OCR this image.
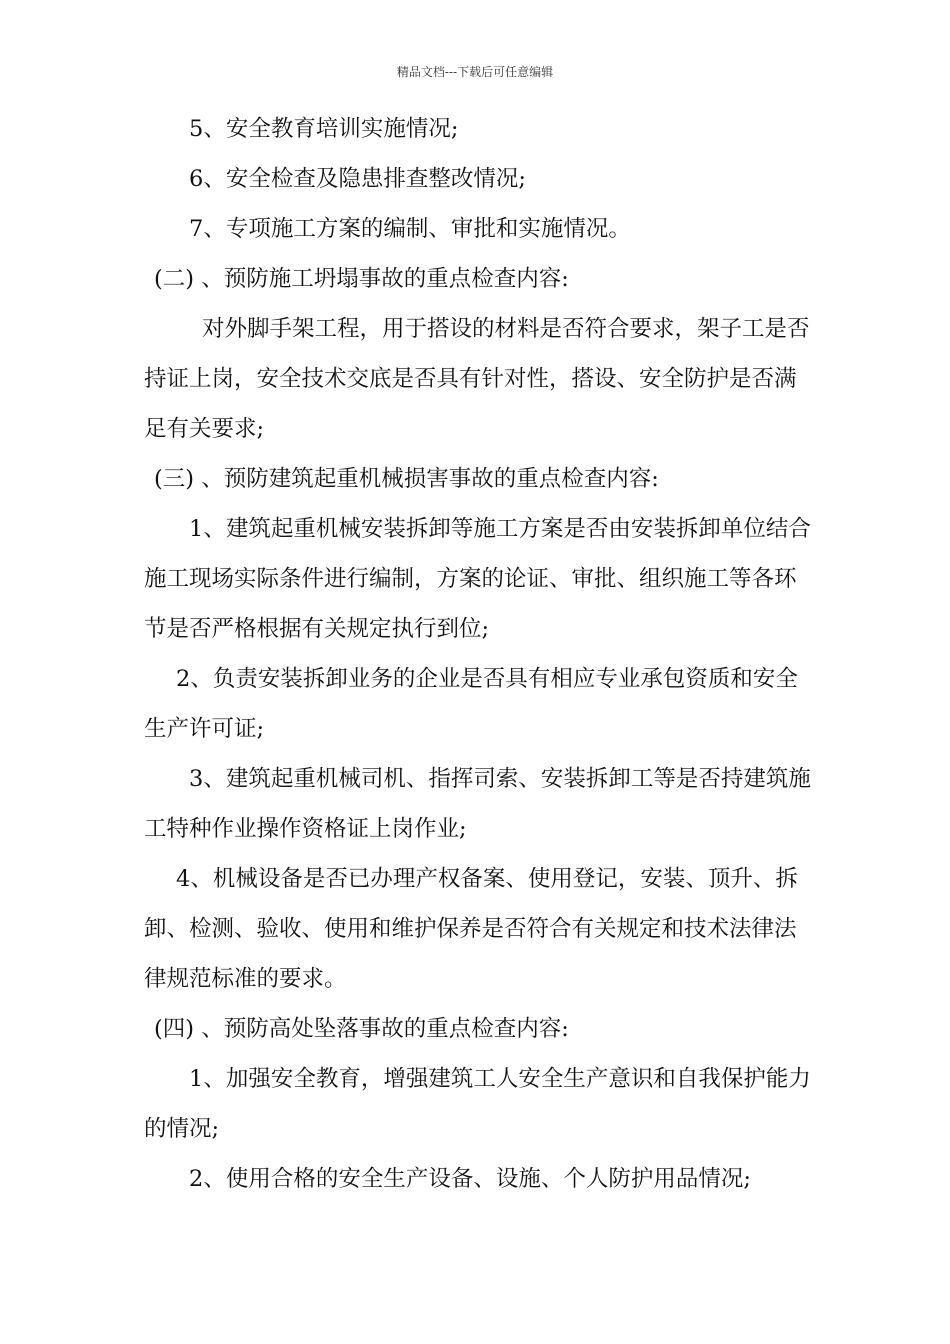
精品文档---下载后可任意编辑
5、安全教育培训实施情况;
6、安全检查及隐患排查整改情况;
7、专项施工方案的编制、审批和实施情况。
(二) 、预防施工坍塌事故的重点检查内容:
对外脚手架工程，用于搭设的材料是否符合要求，架子工是否
持证上岗，安全技术交底是否具有针对性，搭设、安全防护是否满
足有关要求;
(三) 、预防建筑起重机械损害事故的重点检查内容:
1、建筑起重机械安装拆卸等施工方案是否由安装拆卸单位结合
施工现场实际条件进行编制，方案的论证、审批、组织施工等各环
节是否严格根据有关规定执行到位;
2、负责安装拆卸业务的企业是否具有相应专业承包资质和安全
生产许可证;
3、建筑起重机械司机、指挥司索、安装拆卸工等是否持建筑施
工特种作业操作资格证上岗作业;
4、机械设备是否已办理产权备案、使用登记，安装、顶升、拆
卸、检测、验收、使用和维护保养是否符合有关规定和技术法律法
律规范标准的要求。
(四) 、预防高处坠落事故的重点检查内容:
1、加强安全教育，增强建筑工人安全生产意识和自我保护能力
的情况;
2、使用合格的安全生产设备、设施、个人防护用品情况;
